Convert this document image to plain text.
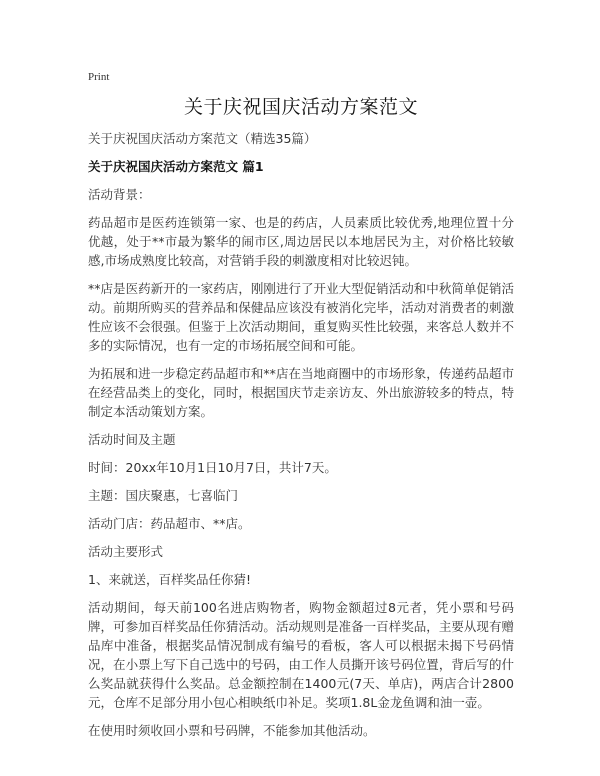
Print
关于庆祝国庆活动方案范文
关于庆祝国庆活动方案范文（精选35篇）
关于庆祝国庆活动方案范文 篇1

活动背景：

药品超市是医药连锁第一家、也是的药店，人员素质比较优秀,地理位置十分优越，处于**市最为繁华的闹市区,周边居民以本地居民为主，对价格比较敏感,市场成熟度比较高，对营销手段的刺激度相对比较迟钝。

**店是医药新开的一家药店，刚刚进行了开业大型促销活动和中秋简单促销活动。前期所购买的营养品和保健品应该没有被消化完毕，活动对消费者的刺激性应该不会很强。但鉴于上次活动期间，重复购买性比较强，来客总人数并不多的实际情况，也有一定的市场拓展空间和可能。

为拓展和进一步稳定药品超市和**店在当地商圈中的市场形象，传递药品超市在经营品类上的变化，同时，根据国庆节走亲访友、外出旅游较多的特点，特制定本活动策划方案。

活动时间及主题

时间：20xx年10月1日10月7日，共计7天。

主题：国庆聚惠，七喜临门

活动门店：药品超市、**店。

活动主要形式

1、来就送，百样奖品任你猜!

活动期间，每天前100名进店购物者，购物金额超过8元者，凭小票和号码牌，可参加百样奖品任你猜活动。活动规则是准备一百样奖品，主要从现有赠品库中准备，根据奖品情况制成有编号的看板，客人可以根据未揭下号码情况，在小票上写下自己选中的号码，由工作人员撕开该号码位置，背后写的什么奖品就获得什么奖品。总金额控制在1400元(7天、单店)，两店合计2800元，仓库不足部分用小包心相映纸巾补足。奖项1.8L金龙鱼调和油一壶。

在使用时须收回小票和号码牌，不能参加其他活动。
